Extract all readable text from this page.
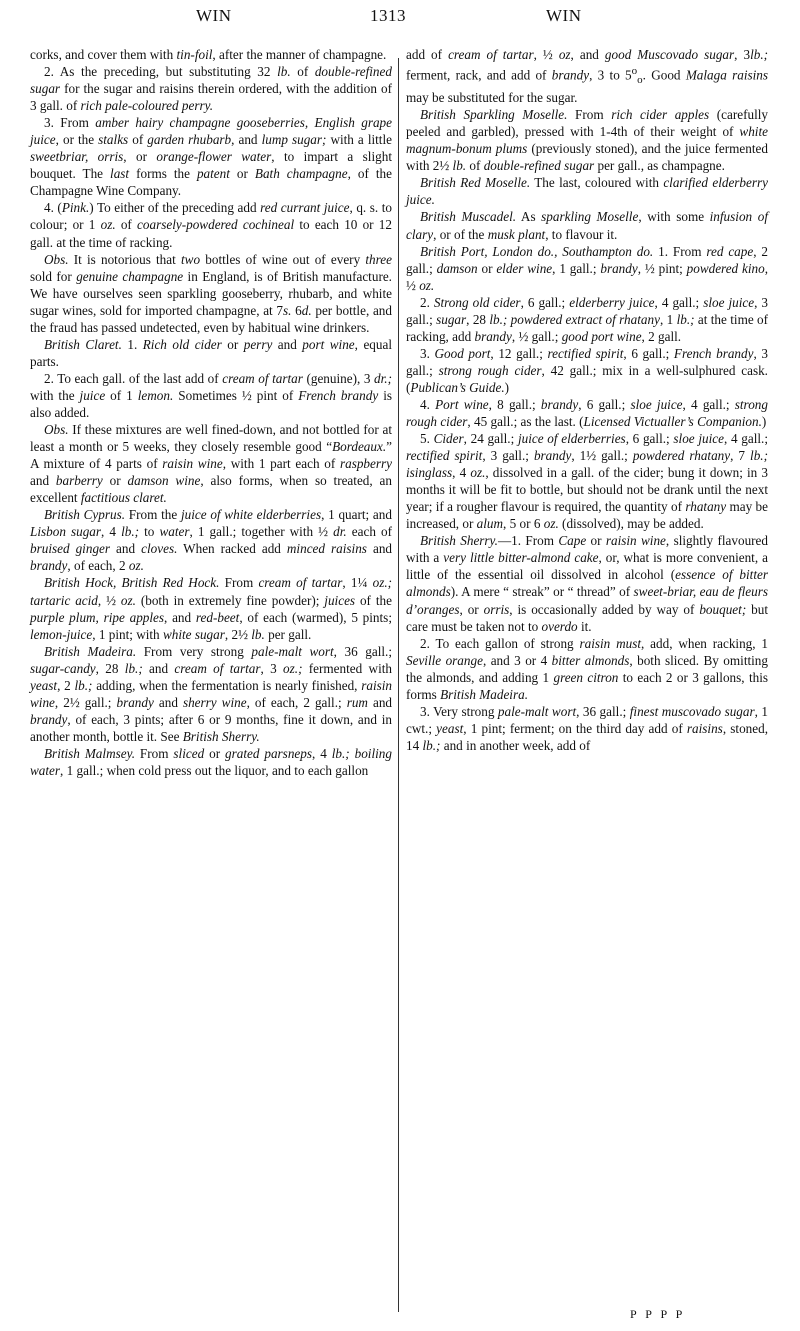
WIN	1313	WIN

corks, and cover them with tin-foil, after the manner of champagne.

2. As the preceding, but substituting 32 lb. of double-refined sugar for the sugar and raisins therein ordered, with the addition of 3 gall. of rich pale-coloured perry.

3. From amber hairy champagne gooseberries, English grape juice, or the stalks of garden rhubarb, and lump sugar; with a little sweetbriar, orris, or orange-flower water, to impart a slight bouquet. The last forms the patent or Bath champagne, of the Champagne Wine Company.

4. (Pink.) To either of the preceding add red currant juice, q. s. to colour; or 1 oz. of coarsely-powdered cochineal to each 10 or 12 gall. at the time of racking.

Obs. It is notorious that two bottles of wine out of every three sold for genuine champagne in England, is of British manufacture. We have ourselves seen sparkling gooseberry, rhubarb, and white sugar wines, sold for imported champagne, at 7s. 6d. per bottle, and the fraud has passed undetected, even by habitual wine drinkers.

British Claret. 1. Rich old cider or perry and port wine, equal parts.

2. To each gall. of the last add of cream of tartar (genuine), 3 dr.; with the juice of 1 lemon. Sometimes ½ pint of French brandy is also added.

Obs. If these mixtures are well fined-down, and not bottled for at least a month or 5 weeks, they closely resemble good “Bordeaux.” A mixture of 4 parts of raisin wine, with 1 part each of raspberry and barberry or damson wine, also forms, when so treated, an excellent factitious claret.

British Cyprus. From the juice of white elderberries, 1 quart; and Lisbon sugar, 4 lb.; to water, 1 gall.; together with ½ dr. each of bruised ginger and cloves. When racked add minced raisins and brandy, of each, 2 oz.

British Hock, British Red Hock. From cream of tartar, 1¼ oz.; tartaric acid, ½ oz. (both in extremely fine powder); juices of the purple plum, ripe apples, and red-beet, of each (warmed), 5 pints; lemon-juice, 1 pint; with white sugar, 2½ lb. per gall.

British Madeira. From very strong pale-malt wort, 36 gall.; sugar-candy, 28 lb.; and cream of tartar, 3 oz.; fermented with yeast, 2 lb.; adding, when the fermentation is nearly finished, raisin wine, 2½ gall.; brandy and sherry wine, of each, 2 gall.; rum and brandy, of each, 3 pints; after 6 or 9 months, fine it down, and in another month, bottle it. See British Sherry.

British Malmsey. From sliced or grated parsneps, 4 lb.; boiling water, 1 gall.; when cold press out the liquor, and to each gallon

add of cream of tartar, ½ oz, and good Muscovado sugar, 3lb.; ferment, rack, and add of brandy, 3 to $5^o_o$. Good Malaga raisins may be substituted for the sugar.

British Sparkling Moselle. From rich cider apples (carefully peeled and garbled), pressed with 1-4th of their weight of white magnum-bonum plums (previously stoned), and the juice fermented with 2½ lb. of double-refined sugar per gall., as champagne.

British Red Moselle. The last, coloured with clarified elderberry juice.

British Muscadel. As sparkling Moselle, with some infusion of clary, or of the musk plant, to flavour it.

British Port, London do., Southampton do. 1. From red cape, 2 gall.; damson or elder wine, 1 gall.; brandy, ½ pint; powdered kino, ½ oz.

2. Strong old cider, 6 gall.; elderberry juice, 4 gall.; sloe juice, 3 gall.; sugar, 28 lb.; powdered extract of rhatany, 1 lb.; at the time of racking, add brandy, ½ gall.; good port wine, 2 gall.

3. Good port, 12 gall.; rectified spirit, 6 gall.; French brandy, 3 gall.; strong rough cider, 42 gall.; mix in a well-sulphured cask. (Publican’s Guide.)

4. Port wine, 8 gall.; brandy, 6 gall.; sloe juice, 4 gall.; strong rough cider, 45 gall.; as the last. (Licensed Victualler’s Companion.)

5. Cider, 24 gall.; juice of elderberries, 6 gall.; sloe juice, 4 gall.; rectified spirit, 3 gall.; brandy, 1½ gall.; powdered rhatany, 7 lb.; isinglass, 4 oz., dissolved in a gall. of the cider; bung it down; in 3 months it will be fit to bottle, but should not be drank until the next year; if a rougher flavour is required, the quantity of rhatany may be increased, or alum, 5 or 6 oz. (dissolved), may be added.

British Sherry.—1. From Cape or raisin wine, slightly flavoured with a very little bitter-almond cake, or, what is more convenient, a little of the essential oil dissolved in alcohol (essence of bitter almonds). A mere “ streak” or “ thread” of sweet-briar, eau de fleurs d’oranges, or orris, is occasionally added by way of bouquet; but care must be taken not to overdo it.

2. To each gallon of strong raisin must, add, when racking, 1 Seville orange, and 3 or 4 bitter almonds, both sliced. By omitting the almonds, and adding 1 green citron to each 2 or 3 gallons, this forms British Madeira.

3. Very strong pale-malt wort, 36 gall.; finest muscovado sugar, 1 cwt.; yeast, 1 pint; ferment; on the third day add of raisins, stoned, 14 lb.; and in another week, add of

P P P P
